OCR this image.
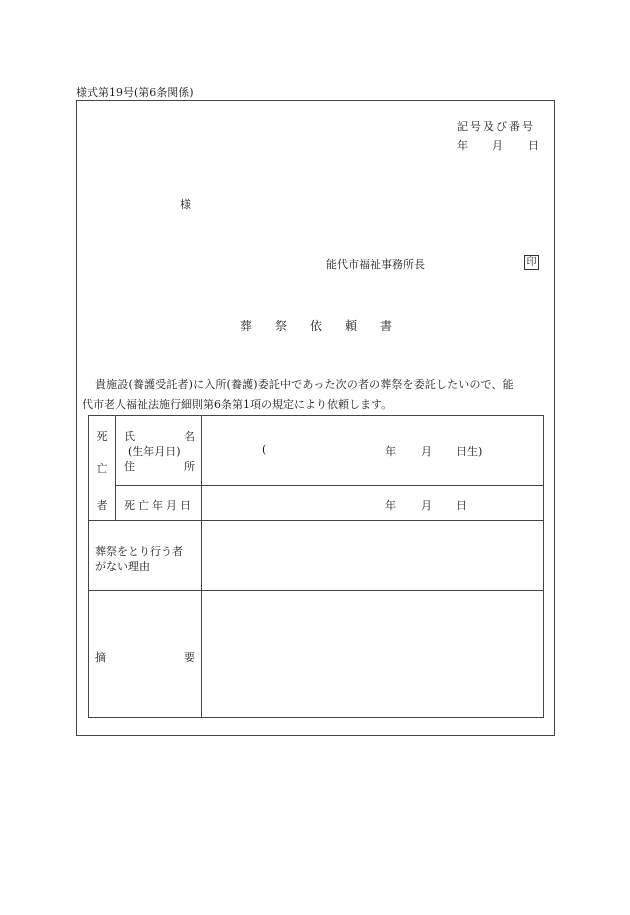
様式第19号(第6条関係)
記号及び番号
年 月 日
様
能代市福祉事務所長	印
葬 祭 依 頼 書
貴施設(養護受託者)に入所(養護)委託中であった次の者の葬祭を委託したいので、能
代市老人福祉法施行細則第6条第1項の規定により依頼します。
死
亡
者
氏	名
(生年月日)
住	所
(	年 月 日生)
死亡年月日	年 月 日
葬祭をとり行う者
がない理由
摘	要
